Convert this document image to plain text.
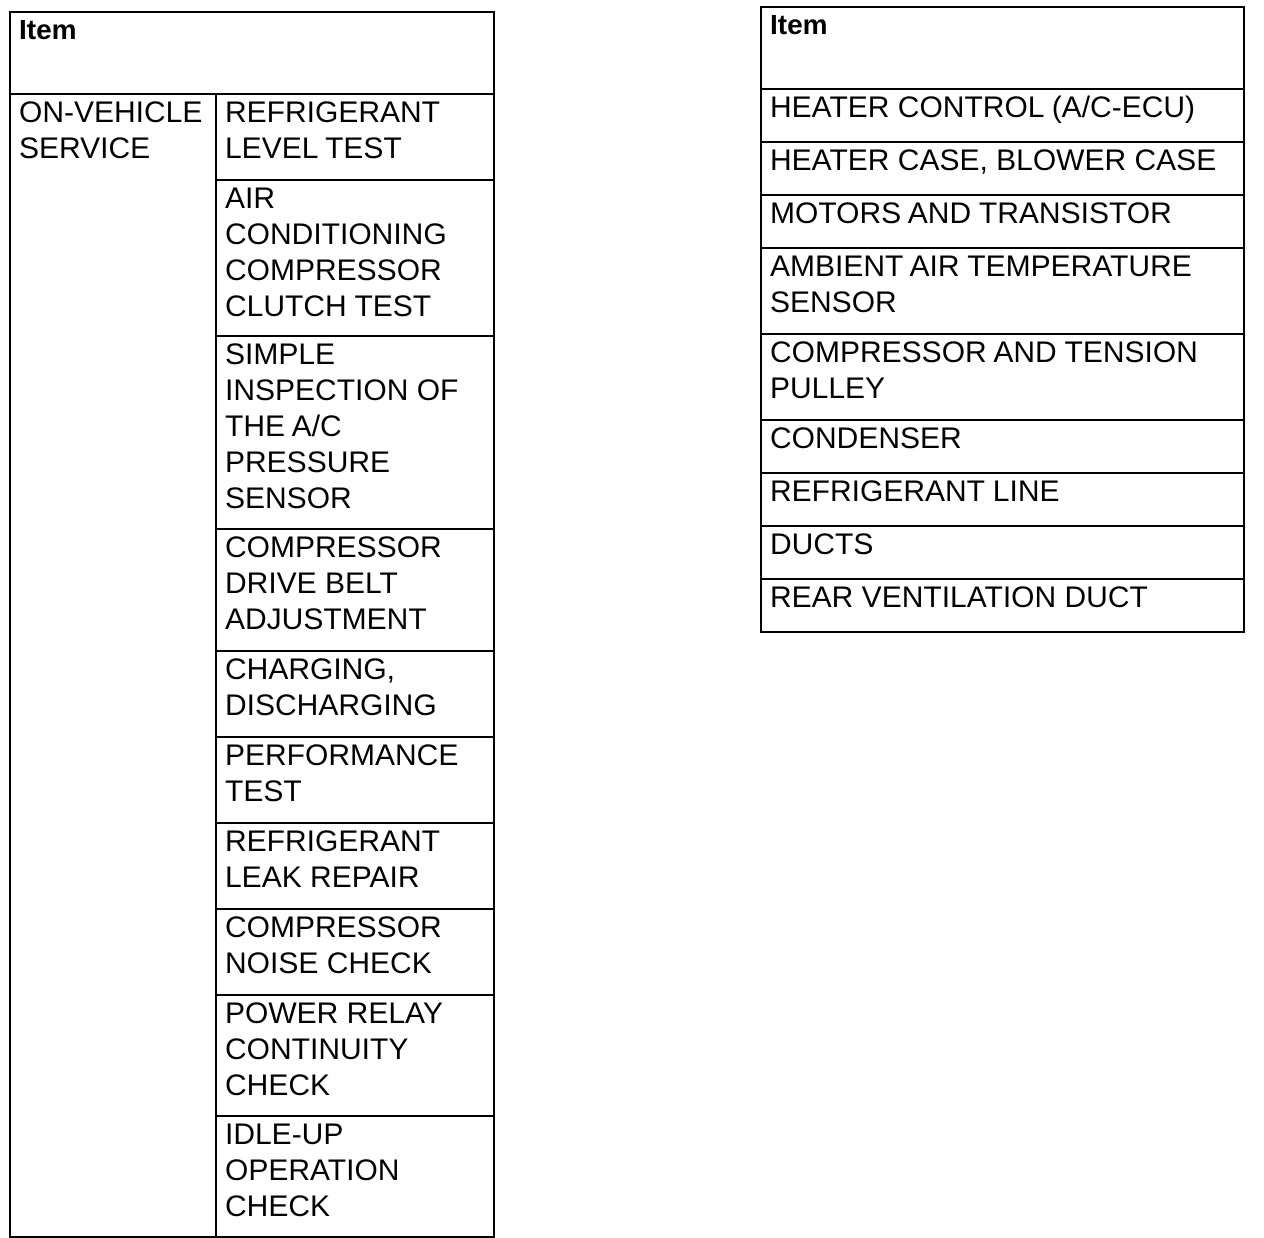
Item
ON-VEHICLE SERVICE	
REFRIGERANT
LEVEL TEST

AIR
CONDITIONING
COMPRESSOR
CLUTCH TEST

SIMPLE
INSPECTION OF
THE A/C
PRESSURE
SENSOR

COMPRESSOR
DRIVE BELT
ADJUSTMENT

CHARGING,
DISCHARGING

PERFORMANCE
TEST

REFRIGERANT
LEAK REPAIR

COMPRESSOR
NOISE CHECK

POWER RELAY
CONTINUITY
CHECK

IDLE-UP
OPERATION
CHECK
Item

HEATER CONTROL (A/C-ECU)

HEATER CASE, BLOWER CASE

MOTORS AND TRANSISTOR

AMBIENT AIR TEMPERATURE
SENSOR

COMPRESSOR AND TENSION
PULLEY

CONDENSER

REFRIGERANT LINE

DUCTS

REAR VENTILATION DUCT
